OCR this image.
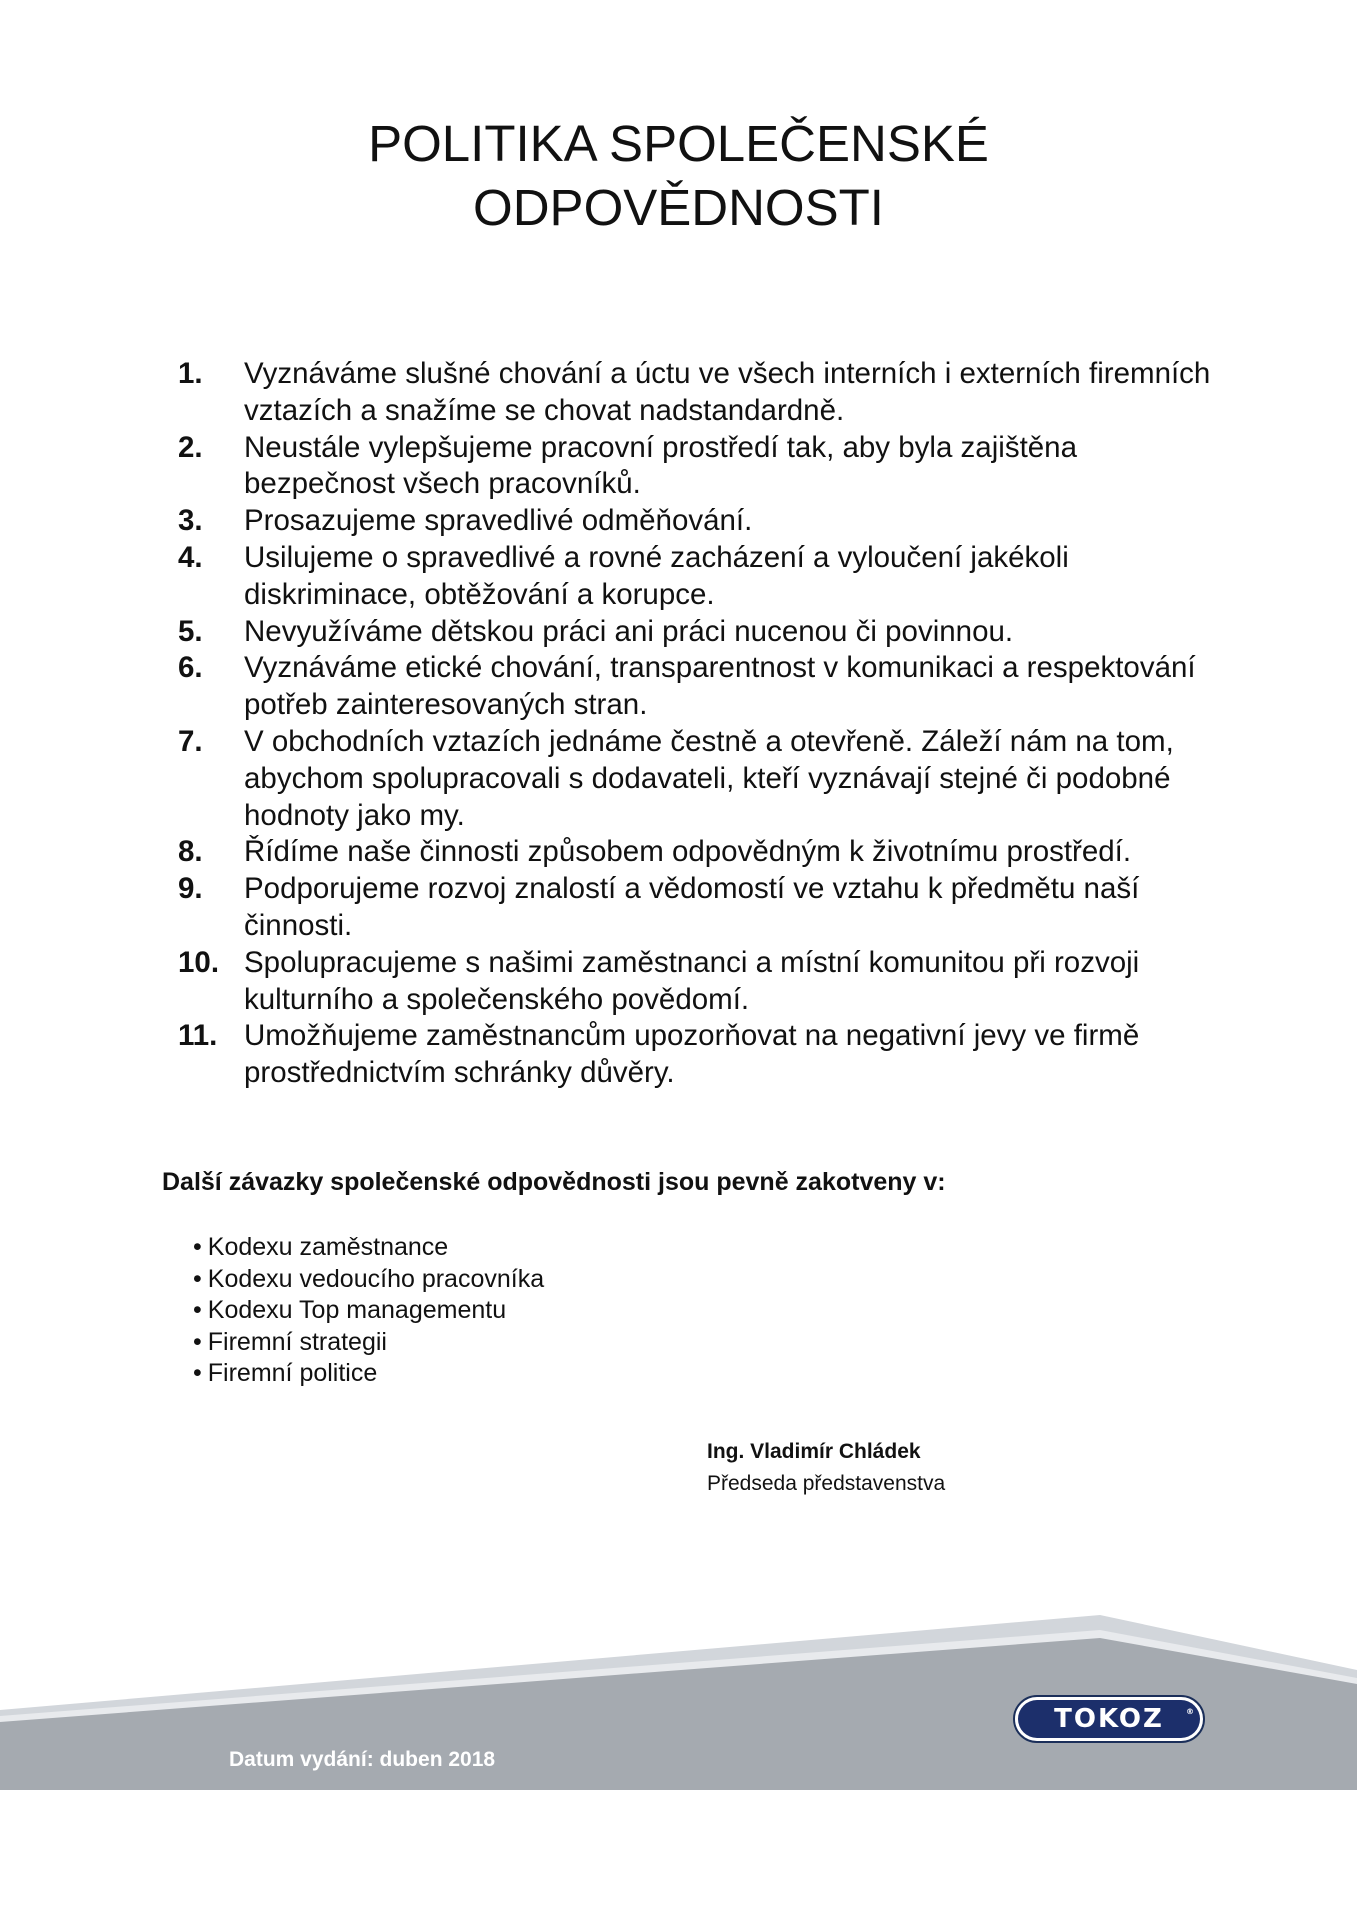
POLITIKA SPOLEČENSKÉ
ODPOVĚDNOSTI
1. Vyznáváme slušné chování a úctu ve všech interních i externích firemních vztazích a snažíme se chovat nadstandardně.
2. Neustále vylepšujeme pracovní prostředí tak, aby byla zajištěna bezpečnost všech pracovníků.
3. Prosazujeme spravedlivé odměňování.
4. Usilujeme o spravedlivé a rovné zacházení a vyloučení jakékoli diskriminace, obtěžování a korupce.
5. Nevyužíváme dětskou práci ani práci nucenou či povinnou.
6. Vyznáváme etické chování, transparentnost v komunikaci a respektování potřeb zainteresovaných stran.
7. V obchodních vztazích jednáme čestně a otevřeně. Záleží nám na tom, abychom spolupracovali s dodavateli, kteří vyznávají stejné či podobné hodnoty jako my.
8. Řídíme naše činnosti způsobem odpovědným k životnímu prostředí.
9. Podporujeme rozvoj znalostí a vědomostí ve vztahu k předmětu naší činnosti.
10. Spolupracujeme s našimi zaměstnanci a místní komunitou při rozvoji kulturního a společenského povědomí.
11. Umožňujeme zaměstnancům upozorňovat na negativní jevy ve firmě prostřednictvím schránky důvěry.
Další závazky společenské odpovědnosti jsou pevně zakotveny v:
• Kodexu zaměstnance
• Kodexu vedoucího pracovníka
• Kodexu Top managementu
• Firemní strategii
• Firemní politice
Ing. Vladimír Chládek
Předseda představenstva
TOKOZ	®
Datum vydání: duben 2018
